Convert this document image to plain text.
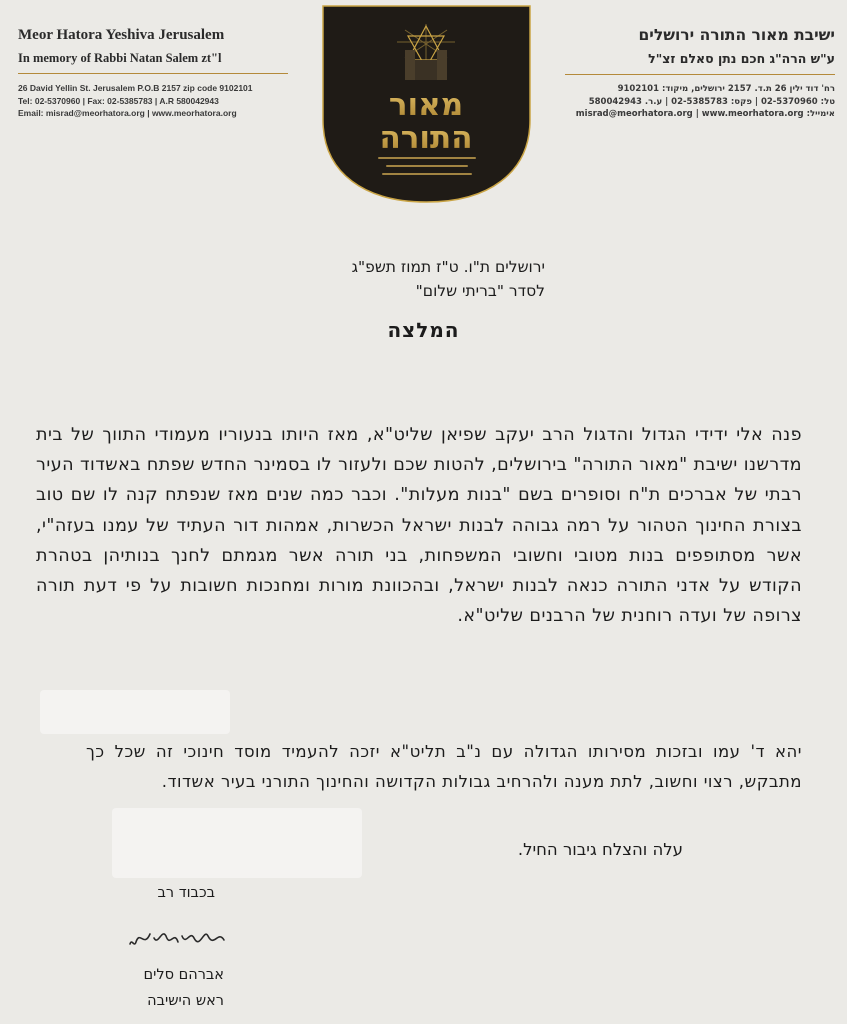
Meor Hatora Yeshiva Jerusalem
In memory of Rabbi Natan Salem zt"l
26 David Yellin St. Jerusalem P.O.B 2157 zip code 9102101
Tel: 02-5370960 | Fax: 02-5385783 | A.R 580042943
Email: misrad@meorhatora.org | www.meorhatora.org	מאור
התורה
ישיבת מאור התורה ירושלים
ע"ש הרה"ג חכם נתן סאלם זצ"ל
רח' דוד ילין 26 ת.ד. 2157 ירושלים, מיקוד: 9102101
טל: 02-5370960 | פקס: 02-5385783 | ע.ר. 580042943
אימייל: misrad@meorhatora.org | www.meorhatora.org
ירושלים ת"ו. ט"ז תמוז תשפ"ג
לסדר "בריתי שלום"
המלצה
פנה אלי ידידי הגדול והדגול הרב יעקב שפיאן שליט"א, מאז היותו בנעוריו מעמודי התווך של בית מדרשנו ישיבת "מאור התורה" בירושלים, להטות שכם ולעזור לו בסמינר החדש שפתח באשדוד העיר רבתי של אברכים ת"ח וסופרים בשם "בנות מעלות". וכבר כמה שנים מאז שנפתח קנה לו שם טוב בצורת החינוך הטהור על רמה גבוהה לבנות ישראל הכשרות, אמהות דור העתיד של עמנו בעזה"י, אשר מסתופפים בנות מטובי וחשובי המשפחות, בני תורה אשר מגמתם לחנך בנותיהן בטהרת הקודש על אדני התורה כנאה לבנות ישראל, ובהכוונת מורות ומחנכות חשובות על פי דעת תורה צרופה של ועדה רוחנית של הרבנים שליט"א.
יהא ד' עמו ובזכות מסירותו הגדולה עם נ"ב תליט"א יזכה להעמיד מוסד חינוכי זה שכל כך מתבקש, רצוי וחשוב, לתת מענה ולהרחיב גבולות הקדושה והחינוך התורני בעיר אשדוד.
עלה והצלח גיבור החיל.
בכבוד רב
אברהם סלים
ראש הישיבה
